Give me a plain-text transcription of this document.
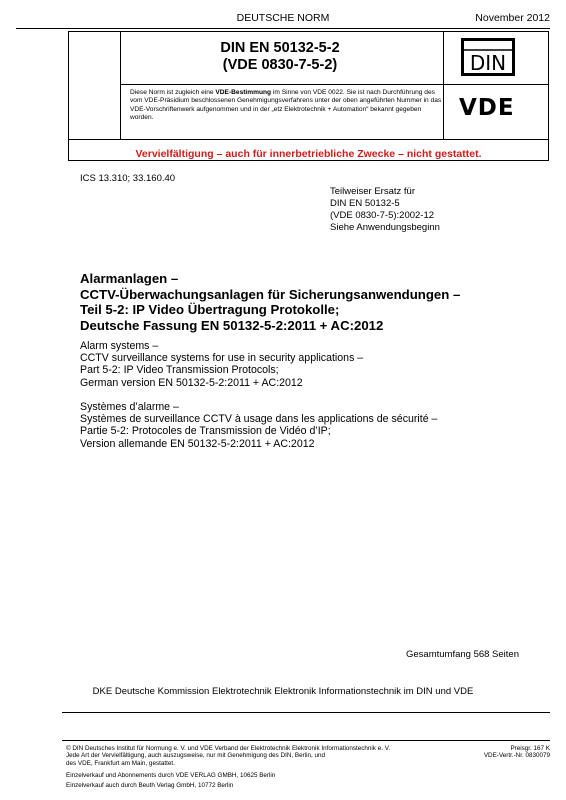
DEUTSCHE NORM	November 2012
DIN EN 50132-5-2
(VDE 0830-7-5-2)
Diese Norm ist zugleich eine VDE-Bestimmung im Sinne von VDE 0022. Sie ist nach Durchführung des vom VDE-Präsidium beschlossenen Genehmigungsverfahrens unter der oben angeführten Nummer in das VDE-Vorschriftenwerk aufgenommen und in der „etz Elektrotechnik + Automation“ bekannt gegeben worden.
DIN
VDE
Vervielfältigung – auch für innerbetriebliche Zwecke – nicht gestattet.
ICS 13.310; 33.160.40
Teilweiser Ersatz für
DIN EN 50132-5
(VDE 0830-7-5):2002-12
Siehe Anwendungsbeginn
Alarmanlagen –
CCTV-Überwachungsanlagen für Sicherungsanwendungen –
Teil 5-2: IP Video Übertragung Protokolle;
Deutsche Fassung EN 50132-5-2:2011 + AC:2012
Alarm systems –
CCTV surveillance systems for use in security applications –
Part 5-2: IP Video Transmission Protocols;
German version EN 50132-5-2:2011 + AC:2012
Systèmes d’alarme –
Systèmes de surveillance CCTV à usage dans les applications de sécurité –
Partie 5-2: Protocoles de Transmission de Vidéo d’IP;
Version allemande EN 50132-5-2:2011 + AC:2012
Gesamtumfang 568 Seiten
DKE Deutsche Kommission Elektrotechnik Elektronik Informationstechnik im DIN und VDE
© DIN Deutsches Institut für Normung e. V. und VDE Verband der Elektrotechnik Elektronik Informationstechnik e. V.
Jede Art der Vervielfältigung, auch auszugsweise, nur mit Genehmigung des DIN, Berlin, und
des VDE, Frankfurt am Main, gestattet.
Preisgr. 167 K
VDE-Vertr.-Nr. 0830079
Einzelverkauf und Abonnements durch VDE VERLAG GMBH, 10625 Berlin
Einzelverkauf auch durch Beuth Verlag GmbH, 10772 Berlin
